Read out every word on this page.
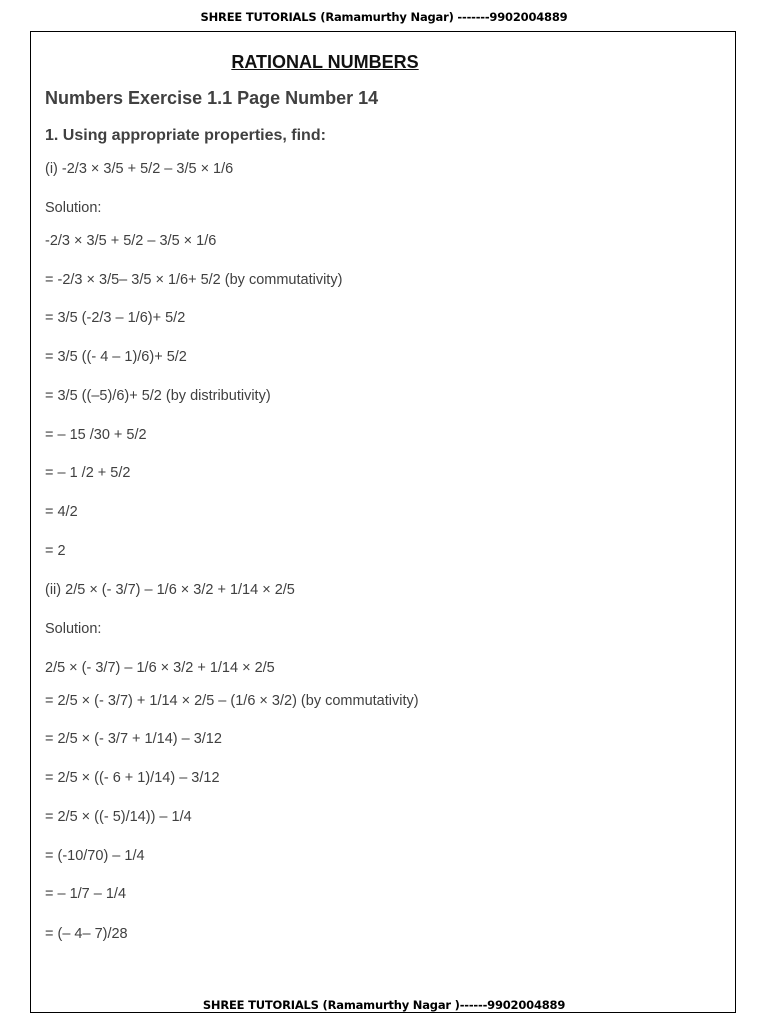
SHREE TUTORIALS (Ramamurthy Nagar) -------9902004889
RATIONAL NUMBERS
Numbers Exercise 1.1 Page Number 14
1. Using appropriate properties, find:
(i) -2/3 × 3/5 + 5/2 – 3/5 × 1/6
Solution:
-2/3 × 3/5 + 5/2 – 3/5 × 1/6
= -2/3 × 3/5– 3/5 × 1/6+ 5/2 (by commutativity)
= 3/5 (-2/3 – 1/6)+ 5/2
= 3/5 ((- 4 – 1)/6)+ 5/2
= 3/5 ((–5)/6)+ 5/2 (by distributivity)
= – 15 /30 + 5/2
= – 1 /2 + 5/2
= 4/2
= 2
(ii) 2/5 × (- 3/7) – 1/6 × 3/2 + 1/14 × 2/5
Solution:
2/5 × (- 3/7) – 1/6 × 3/2 + 1/14 × 2/5
= 2/5 × (- 3/7) + 1/14 × 2/5 – (1/6 × 3/2) (by commutativity)
= 2/5 × (- 3/7 + 1/14) – 3/12
= 2/5 × ((- 6 + 1)/14) – 3/12
= 2/5 × ((- 5)/14)) – 1/4
= (-10/70) – 1/4
= – 1/7 – 1/4
= (– 4– 7)/28
SHREE TUTORIALS (Ramamurthy Nagar )------9902004889
